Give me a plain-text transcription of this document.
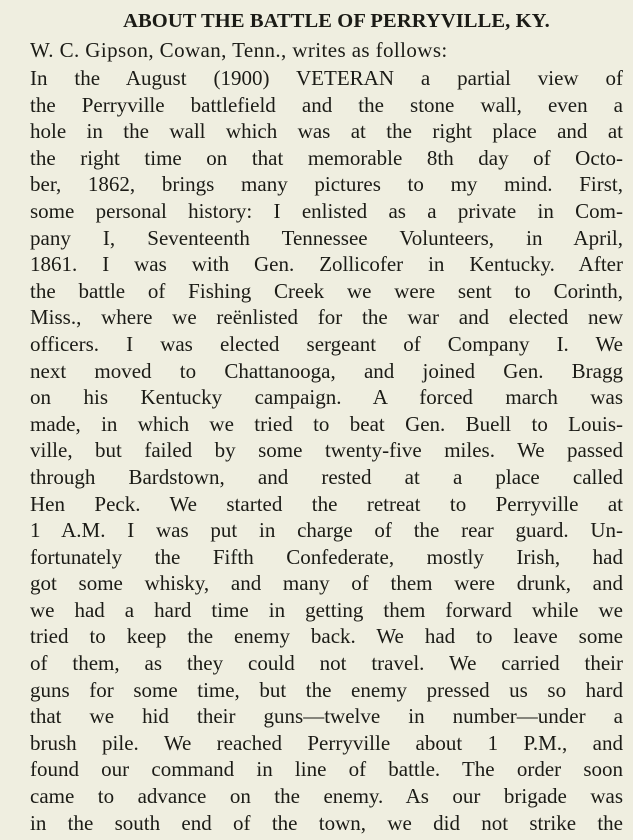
ABOUT THE BATTLE OF PERRYVILLE, KY.
W. C. Gipson, Cowan, Tenn., writes as follows:
In the August (1900) VETERAN a partial view of
the Perryville battlefield and the stone wall, even a
hole in the wall which was at the right place and at
the right time on that memorable 8th day of Octo-
ber, 1862, brings many pictures to my mind. First,
some personal history: I enlisted as a private in Com-
pany I, Seventeenth Tennessee Volunteers, in April,
1861. I was with Gen. Zollicofer in Kentucky. After
the battle of Fishing Creek we were sent to Corinth,
Miss., where we reënlisted for the war and elected new
officers. I was elected sergeant of Company I. We
next moved to Chattanooga, and joined Gen. Bragg
on his Kentucky campaign. A forced march was
made, in which we tried to beat Gen. Buell to Louis-
ville, but failed by some twenty-five miles. We passed
through Bardstown, and rested at a place called
Hen Peck. We started the retreat to Perryville at
1 A.M. I was put in charge of the rear guard. Un-
fortunately the Fifth Confederate, mostly Irish, had
got some whisky, and many of them were drunk, and
we had a hard time in getting them forward while we
tried to keep the enemy back. We had to leave some
of them, as they could not travel. We carried their
guns for some time, but the enemy pressed us so hard
that we hid their guns—twelve in number—under a
brush pile. We reached Perryville about 1 P.M., and
found our command in line of battle. The order soon
came to advance on the enemy. As our brigade was
in the south end of the town, we did not strike the
